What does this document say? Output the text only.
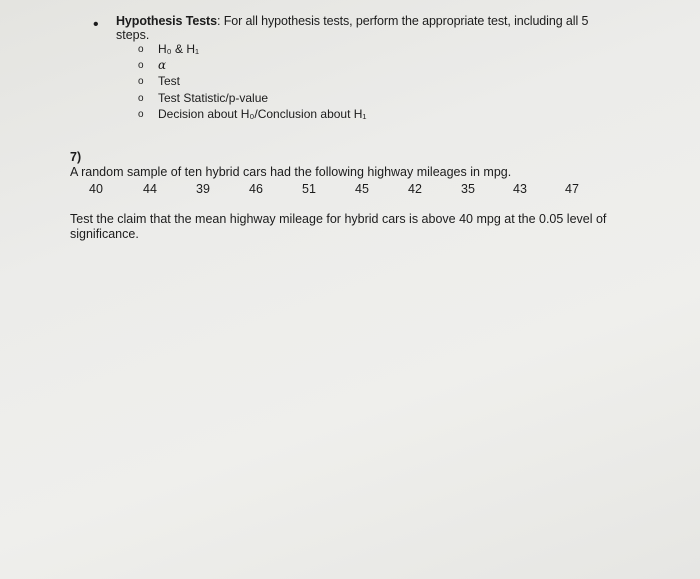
• Hypothesis Tests: For all hypothesis tests, perform the appropriate test, including all 5
steps.
o H₀ & H₁
o α
o Test
o Test Statistic/p-value
o Decision about H₀/Conclusion about H₁
7)
A random sample of ten hybrid cars had the following highway mileages in mpg.
40	44	39	46	51	45	42	35	43	47
Test the claim that the mean highway mileage for hybrid cars is above 40 mpg at the 0.05 level of significance.
